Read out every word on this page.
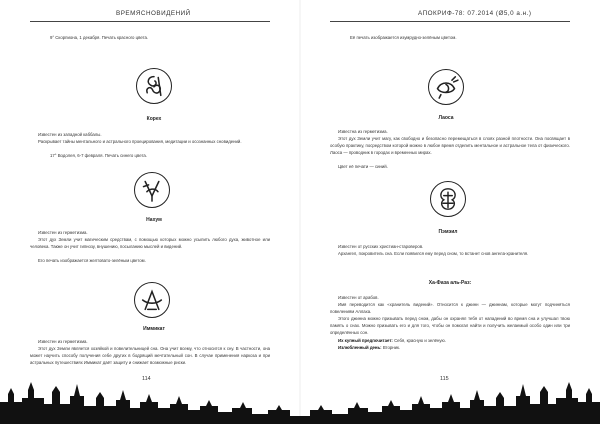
ВРЕМЯСНОВИДЕНИЙ
9° Скорпиона, 1 декабря. Печать красного цвета.
Корех
Известен из западной каббалы.
Раскрывает тайны ментального и астрального проецирования, медитации и осознанных сновидений.
17° Водолея, 6-7 февраля. Печать синего цвета.
Нахум
Известен из герметизма.
Этот дух Земли учит магическим средствам, с помощью которых можно усыпить любого духа, животное или человека. Также он учит гипнозу, внушению, посыланию мыслей и видений.
Его печать изображается желтовато-зелёным цветом.
Иммикат
Известен из герметизма.
Этот дух Земли является хозяйкой и повелительницей сна. Она учит всему, что относится к сну. В частности, она может научить способу получения себе других в бодрящий мечтательный сон. В случае применения наркоза и при астральных путешествиях Иммикат даёт защиту и снижает возможные риски.
114
АПОКРИФ-78: 07.2014 (Ø5,0 а.н.)
Её печать изображается изумрудно-зелёным цветом.
Лаоса
Известна из герметизма.
Этот дух Земли учит магу, как свободно и безопасно перемещаться в слоях разной плотности. Она посвящает в особую практику, посредством которой можно в любое время отделить ментальное и астральное тела от физического. Лаоса — проводник в городах и временных мирах.
Цвет её печати — синий.
Пэмэил
Известен от русских христиан-староверов.
Архангел, покровитель сна. Если появился ему перед сном, то встанет снов ангела-хранителя.
Ха-Фаза аль-Раз:
Известен от арабов.
Имя переводится как «хранитель видений». Относится к джинн — джиннам, которые могут подчиняться повелениям Аллаха.
Этого джинна можно призывать перед сном, дабы он охранял тебя от нападений во время сна и улучшал твою память о снах. Можно призывать его и для того, чтобы он помогал найти и получить желаемый особо один или три определённых сон.
Их купный предпочитает: Себя, красную и зелёную.
Излюбленный день: Вторник.
115
